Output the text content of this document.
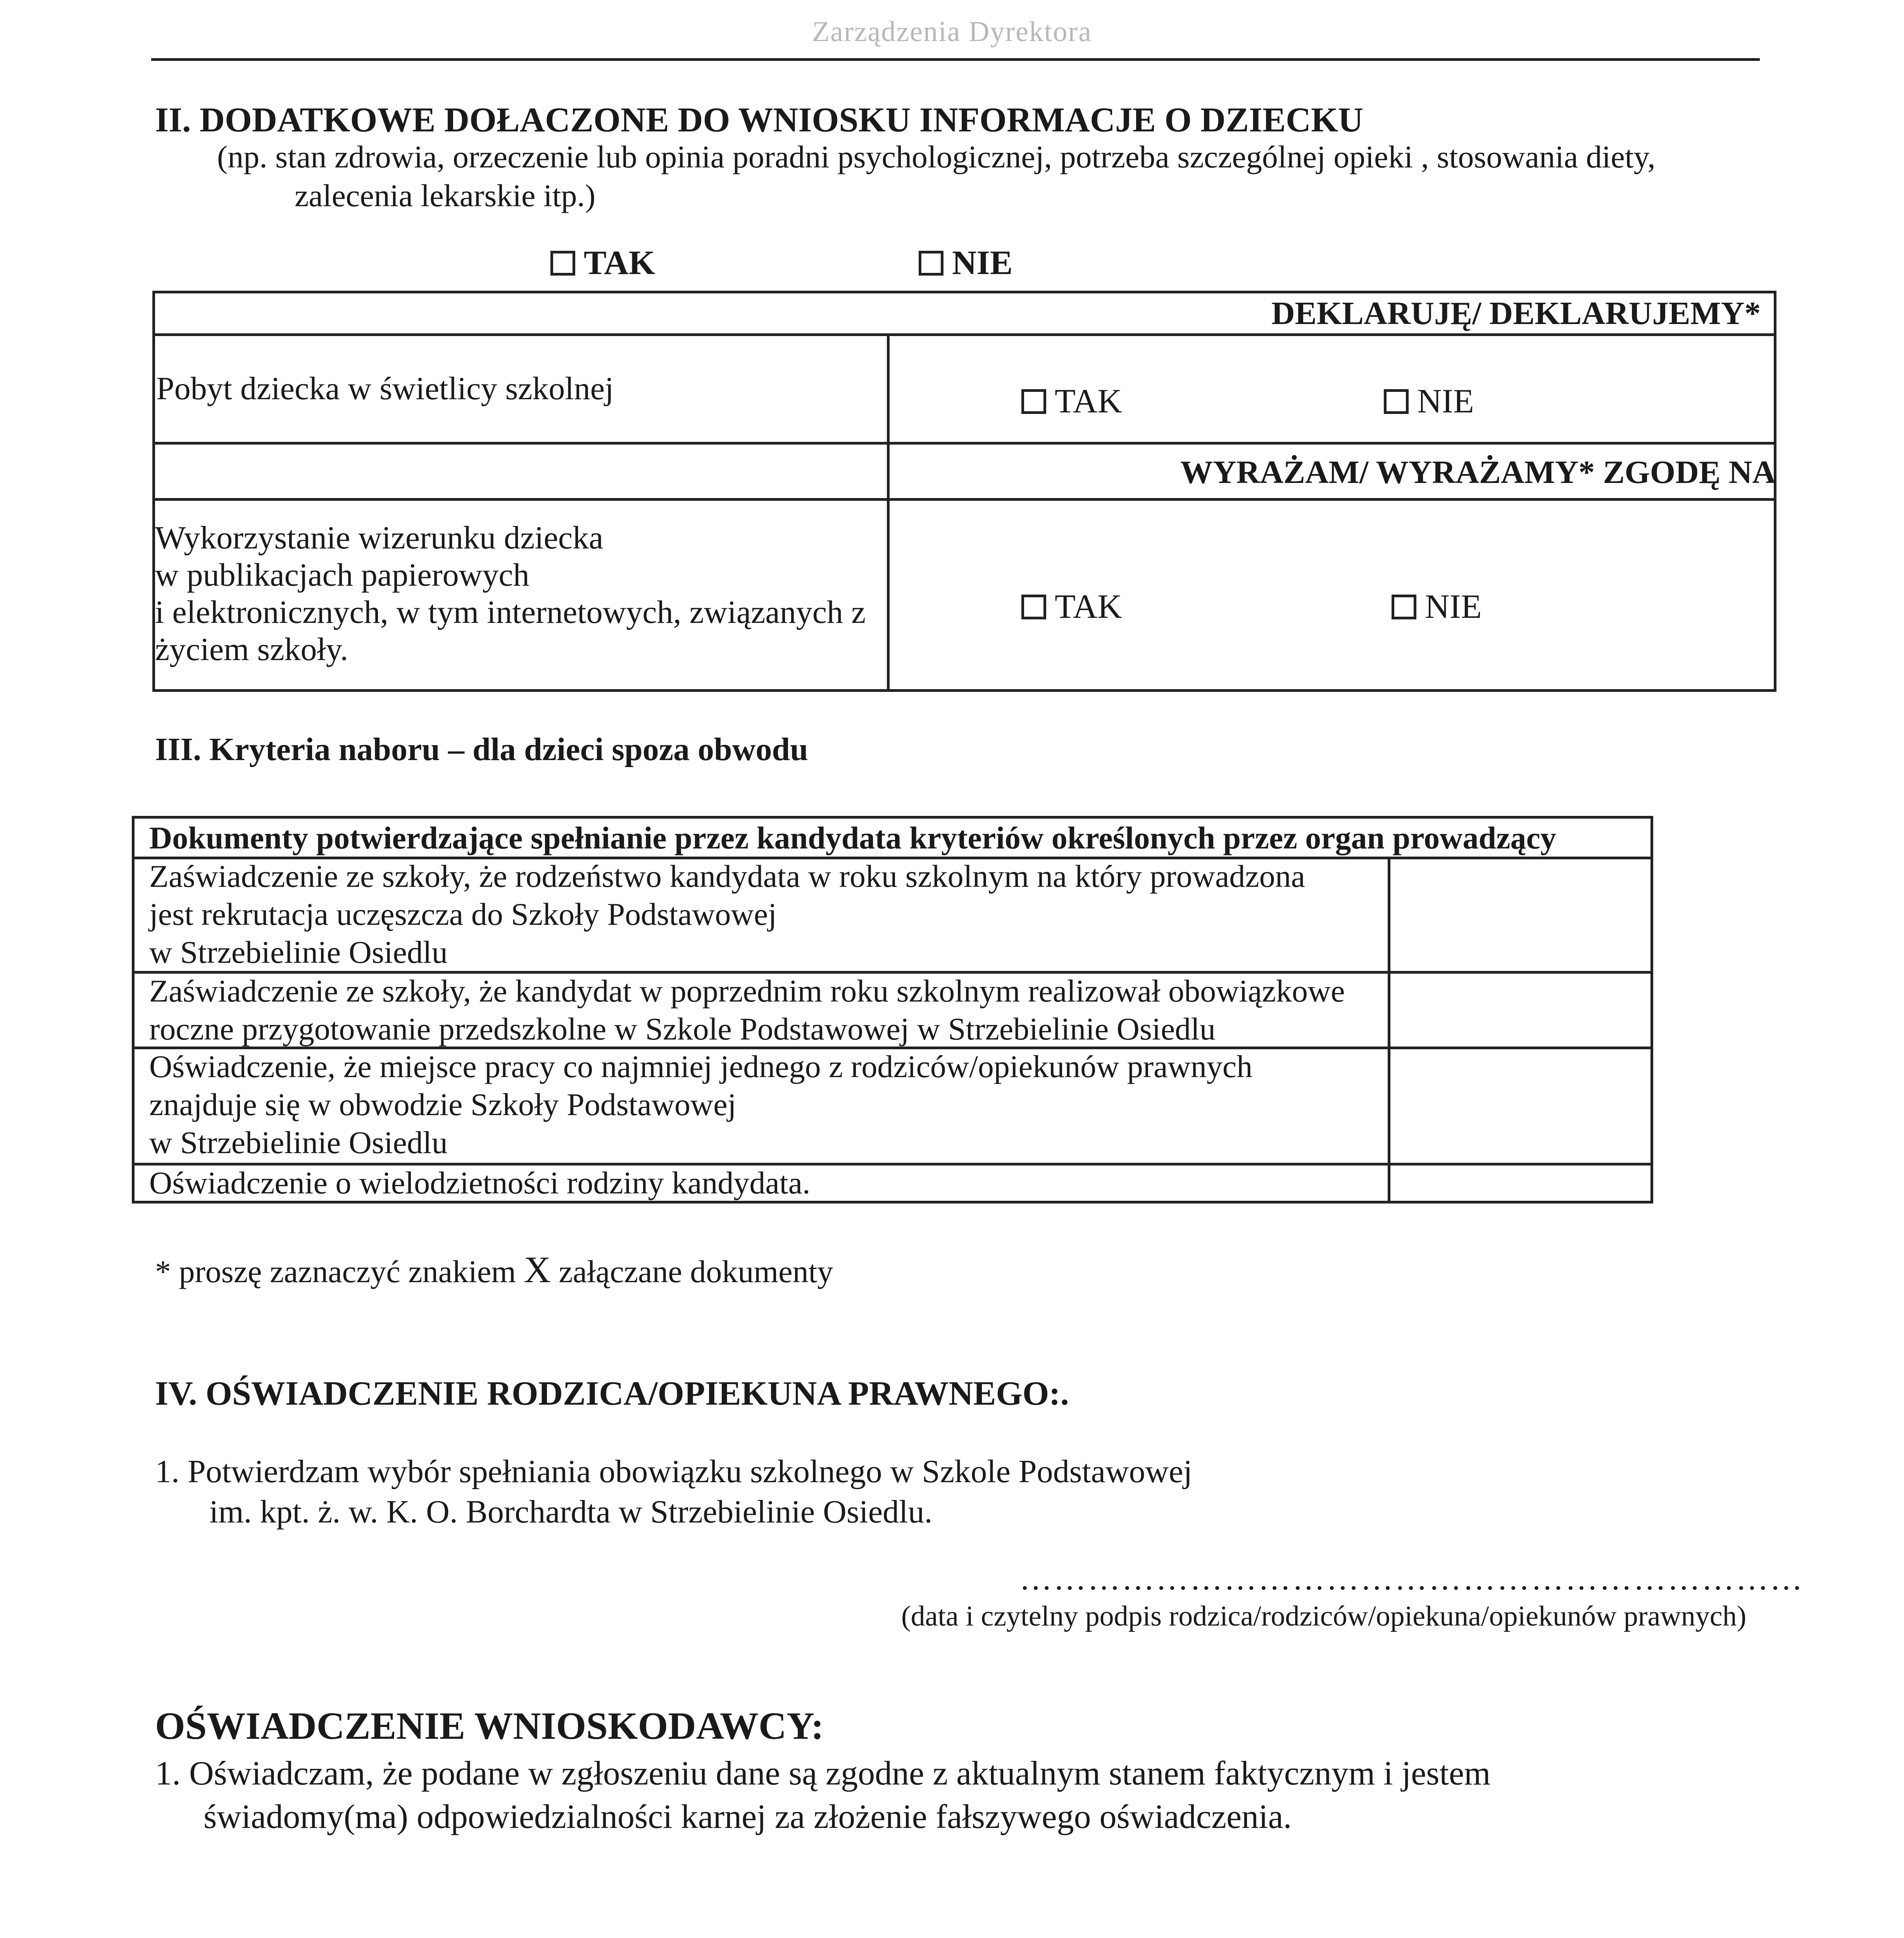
Zarządzenia Dyrektora
II. DODATKOWE DOŁACZONE DO WNIOSKU INFORMACJE O DZIECKU
(np. stan zdrowia, orzeczenie lub opinia poradni psychologicznej, potrzeba szczególnej opieki , stosowania diety,
zalecenia lekarskie itp.)
TAK	NIE
DEKLARUJĘ/ DEKLARUJEMY*
Pobyt dziecka w świetlicy szkolnej	TAK	NIE
WYRAŻAM/ WYRAŻAMY* ZGODĘ NA
Wykorzystanie wizerunku dziecka
w publikacjach papierowych
i elektronicznych, w tym internetowych, związanych z
życiem szkoły.
TAK	NIE
III. Kryteria naboru – dla dzieci spoza obwodu
Dokumenty potwierdzające spełnianie przez kandydata kryteriów określonych przez organ prowadzący
Zaświadczenie ze szkoły, że rodzeństwo kandydata w roku szkolnym na który prowadzona
jest rekrutacja uczęszcza do Szkoły Podstawowej
w Strzebielinie Osiedlu
Zaświadczenie ze szkoły, że kandydat w poprzednim roku szkolnym realizował obowiązkowe
roczne przygotowanie przedszkolne w Szkole Podstawowej w Strzebielinie Osiedlu
Oświadczenie, że miejsce pracy co najmniej jednego z rodziców/opiekunów prawnych
znajduje się w obwodzie Szkoły Podstawowej
w Strzebielinie Osiedlu
Oświadczenie o wielodzietności rodziny kandydata.
* proszę zaznaczyć znakiem X załączane dokumenty
IV. OŚWIADCZENIE RODZICA/OPIEKUNA PRAWNEGO:.
1. Potwierdzam wybór spełniania obowiązku szkolnego w Szkole Podstawowej
im. kpt. ż. w. K. O. Borchardta w Strzebielinie Osiedlu.
……………………………………………………………
(data i czytelny podpis rodzica/rodziców/opiekuna/opiekunów prawnych)
OŚWIADCZENIE WNIOSKODAWCY:
1. Oświadczam, że podane w zgłoszeniu dane są zgodne z aktualnym stanem faktycznym i jestem
świadomy(ma) odpowiedzialności karnej za złożenie fałszywego oświadczenia.
